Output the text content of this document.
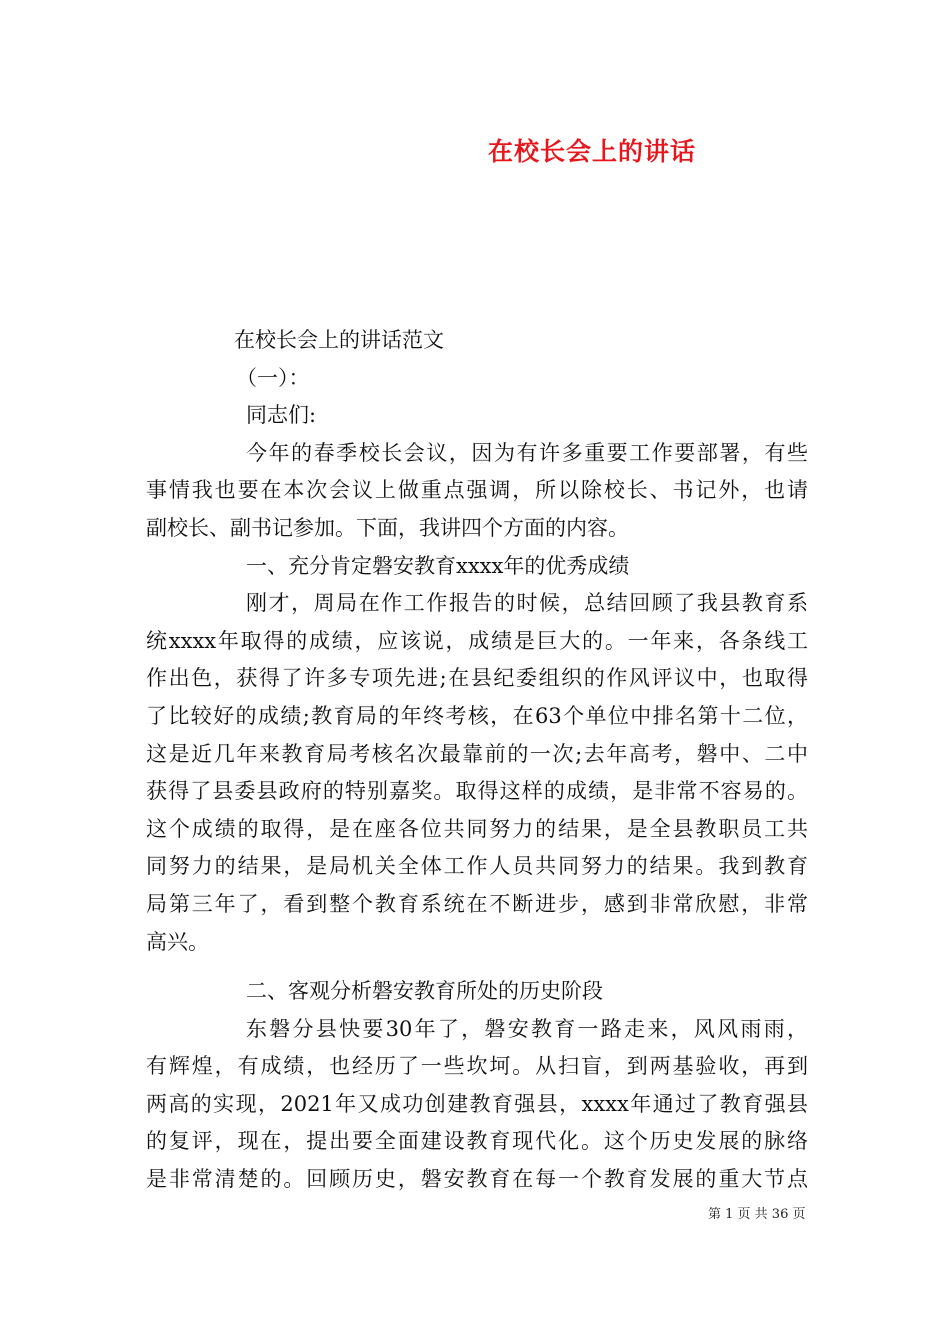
在校长会上的讲话
在校长会上的讲话范文
（一）：
同志们:
今年的春季校长会议，因为有许多重要工作要部署，有些
事情我也要在本次会议上做重点强调，所以除校长、书记外，也请
副校长、副书记参加。下面，我讲四个方面的内容。
一、充分肯定磐安教育xxxx年的优秀成绩
刚才，周局在作工作报告的时候，总结回顾了我县教育系
统xxxx年取得的成绩，应该说，成绩是巨大的。一年来，各条线工
作出色，获得了许多专项先进;在县纪委组织的作风评议中，也取得
了比较好的成绩;教育局的年终考核，在63个单位中排名第十二位，
这是近几年来教育局考核名次最靠前的一次;去年高考，磐中、二中
获得了县委县政府的特别嘉奖。取得这样的成绩，是非常不容易的。
这个成绩的取得，是在座各位共同努力的结果，是全县教职员工共
同努力的结果，是局机关全体工作人员共同努力的结果。我到教育
局第三年了，看到整个教育系统在不断进步，感到非常欣慰，非常
高兴。
二、客观分析磐安教育所处的历史阶段
东磐分县快要30年了，磐安教育一路走来，风风雨雨，
有辉煌，有成绩，也经历了一些坎坷。从扫盲，到两基验收，再到
两高的实现，2021年又成功创建教育强县，xxxx年通过了教育强县
的复评，现在，提出要全面建设教育现代化。这个历史发展的脉络
是非常清楚的。回顾历史，磐安教育在每一个教育发展的重大节点
第 1 页 共 36 页
